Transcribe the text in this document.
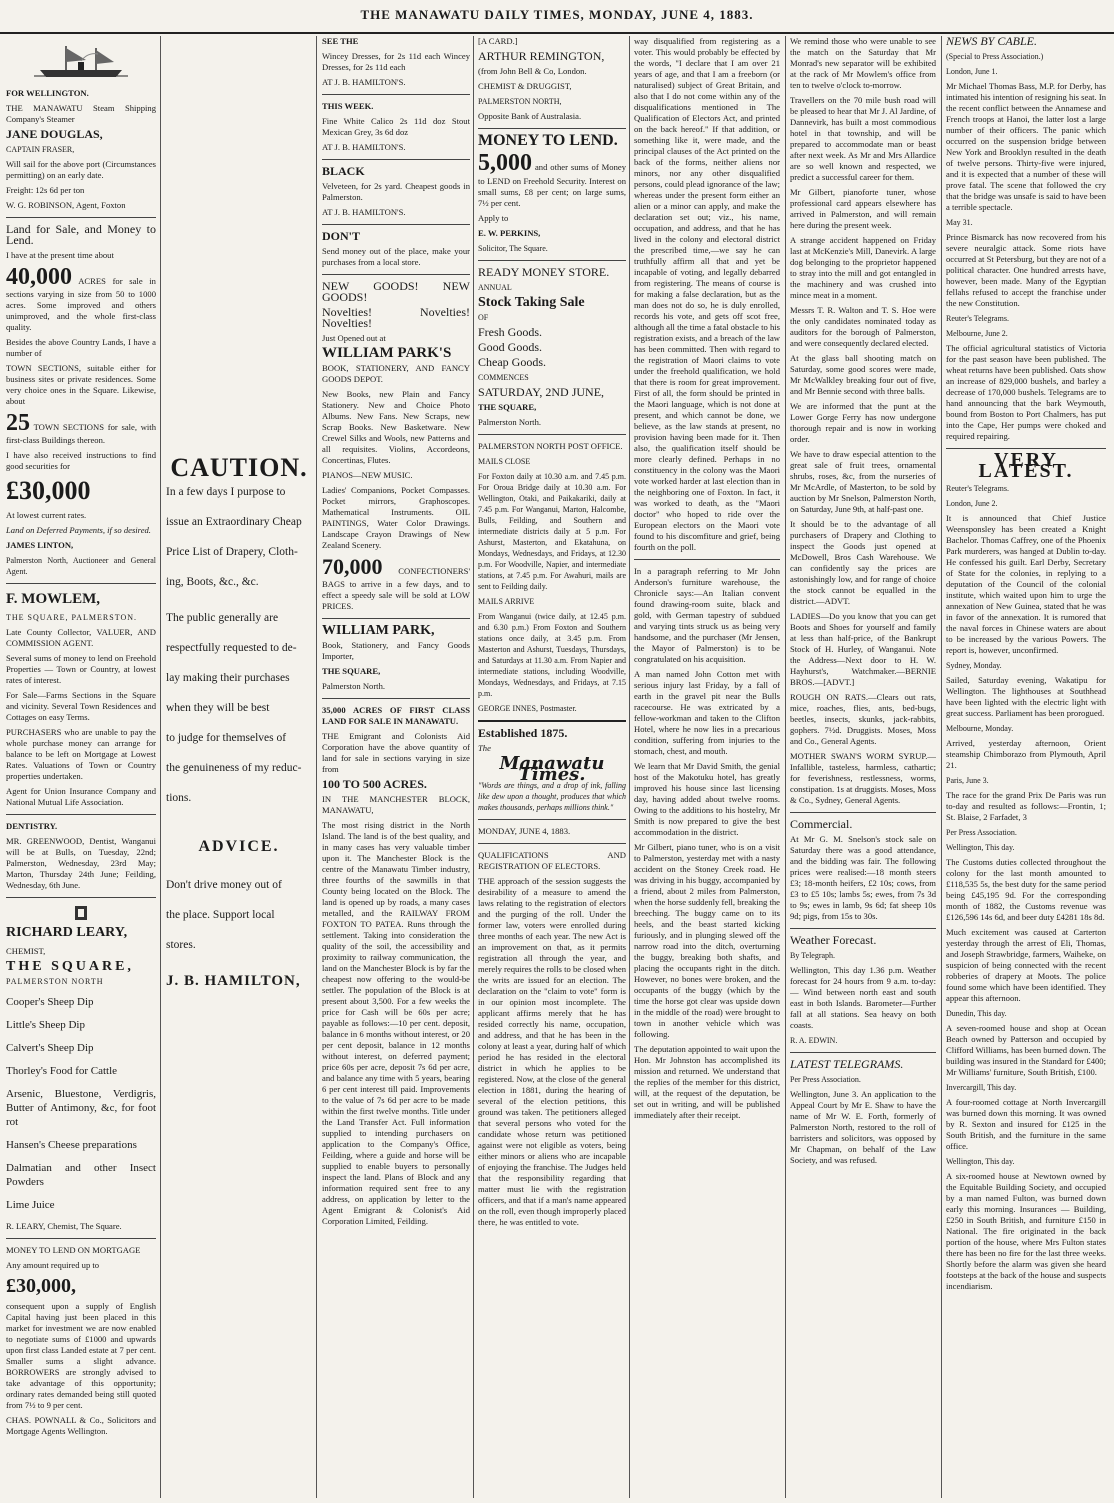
THE MANAWATU DAILY TIMES, MONDAY, JUNE 4, 1883.

FOR WELLINGTON.

THE MANAWATU Steam Shipping Company's Steamer

JANE DOUGLAS,

CAPTAIN FRASER,

Will sail for the above port (Circumstances permitting) on an early date.

Freight: 12s 6d per ton

W. G. ROBINSON, Agent, Foxton

Land for Sale, and Money to Lend.

I have at the present time about

40,000 ACRES for sale in sections varying in size from 50 to 1000 acres. Some improved and others unimproved, and the whole first-class quality.

Besides the above Country Lands, I have a number of

TOWN SECTIONS, suitable either for business sites or private residences. Some very choice ones in the Square. Likewise, about

25 TOWN SECTIONS for sale, with first-class Buildings thereon.

I have also received instructions to find good securities for

£30,000

At lowest current rates.

Land on Deferred Payments, if so desired.

JAMES LINTON,

Palmerston North, Auctioneer and General Agent.

F. MOWLEM,

THE SQUARE, PALMERSTON.

Late County Collector, VALUER, AND COMMISSION AGENT.

Several sums of money to lend on Freehold Properties — Town or Country, at lowest rates of interest.

For Sale—Farms Sections in the Square and vicinity. Several Town Residences and Cottages on easy Terms.

PURCHASERS who are unable to pay the whole purchase money can arrange for balance to be left on Mortgage at Lowest Rates. Valuations of Town or Country properties undertaken.

Agent for Union Insurance Company and National Mutual Life Association.

DENTISTRY.

MR. GREENWOOD, Dentist, Wanganui will be at Bulls, on Tuesday, 22nd; Palmerston, Wednesday, 23rd May; Marton, Thursday 24th June; Feilding, Wednesday, 6th June.

RICHARD LEARY,

CHEMIST,

THE SQUARE,

PALMERSTON NORTH

Cooper's Sheep Dip

Little's Sheep Dip

Calvert's Sheep Dip

Thorley's Food for Cattle

Arsenic, Bluestone, Verdigris, Butter of Antimony, &c, for foot rot

Hansen's Cheese preparations

Dalmatian and other Insect Powders

Lime Juice

R. LEARY, Chemist, The Square.

MONEY TO LEND ON MORTGAGE

Any amount required up to

£30,000,

consequent upon a supply of English Capital having just been placed in this market for investment we are now enabled to negotiate sums of £1000 and upwards upon first class Landed estate at 7 per cent. Smaller sums a slight advance. BORROWERS are strongly advised to take advantage of this opportunity; ordinary rates demanded being still quoted from 7½ to 9 per cent.

CHAS. POWNALL & Co., Solicitors and Mortgage Agents Wellington.

CAUTION.

In a few days I purpose to

issue an Extraordinary Cheap

Price List of Drapery, Cloth-

ing, Boots, &c., &c.

The public generally are

respectfully requested to de-

lay making their purchases

when they will be best

to judge for themselves of

the genuineness of my reduc-

tions.

ADVICE.

Don't drive money out of

the place. Support local

stores.

J. B. HAMILTON,

SEE THE

Wincey Dresses, for 2s 11d each Wincey Dresses, for 2s 11d each

AT J. B. HAMILTON'S.

THIS WEEK.

Fine White Calico 2s 11d doz Stout Mexican Grey, 3s 6d doz

AT J. B. HAMILTON'S.

BLACK

Velveteen, for 2s yard. Cheapest goods in Palmerston.

AT J. B. HAMILTON'S.

DON'T

Send money out of the place, make your purchases from a local store.

NEW GOODS! NEW GOODS!

Novelties! Novelties! Novelties!

Just Opened out at

WILLIAM PARK'S

BOOK, STATIONERY, AND FANCY GOODS DEPOT.

New Books, new Plain and Fancy Stationery. New and Choice Photo Albums. New Fans. New Scraps, new Scrap Books. New Basketware. New Crewel Silks and Wools, new Patterns and all requisites. Violins, Accordeons, Concertinas, Flutes.

PIANOS—NEW MUSIC.

Ladies' Companions, Pocket Compasses. Pocket mirrors, Graphoscopes. Mathematical Instruments. OIL PAINTINGS, Water Color Drawings. Landscape Crayon Drawings of New Zealand Scenery.

70,000 CONFECTIONERS' BAGS to arrive in a few days, and to effect a speedy sale will be sold at LOW PRICES.

WILLIAM PARK,

Book, Stationery, and Fancy Goods Importer,

THE SQUARE,

Palmerston North.

35,000 ACRES OF FIRST CLASS LAND FOR SALE IN MANAWATU.

THE Emigrant and Colonists Aid Corporation have the above quantity of land for sale in sections varying in size from

100 TO 500 ACRES.

IN THE MANCHESTER BLOCK, MANAWATU,

The most rising district in the North Island. The land is of the best quality, and in many cases has very valuable timber upon it. The Manchester Block is the centre of the Manawatu Timber industry, three fourths of the sawmills in that County being located on the Block. The land is opened up by roads, a many cases metalled, and the RAILWAY FROM FOXTON TO PATEA. Runs through the settlement. Taking into consideration the quality of the soil, the accessibility and proximity to railway communication, the land on the Manchester Block is by far the cheapest now offering to the would-be settler. The population of the Block is at present about 3,500. For a few weeks the price for Cash will be 60s per acre; payable as follows:—10 per cent. deposit, balance in 6 months without interest, or 20 per cent deposit, balance in 12 months without interest, on deferred payment; price 60s per acre, deposit 7s 6d per acre, and balance any time with 5 years, bearing 6 per cent interest till paid. Improvements to the value of 7s 6d per acre to be made within the first twelve months. Title under the Land Transfer Act. Full information supplied to intending purchasers on application to the Company's Office, Feilding, where a guide and horse will be supplied to enable buyers to personally inspect the land. Plans of Block and any information required sent free to any address, on application by letter to the Agent Emigrant & Colonist's Aid Corporation Limited, Feilding.

[A CARD.]

ARTHUR REMINGTON,

(from John Bell & Co, London.

CHEMIST & DRUGGIST,

PALMERSTON NORTH,

Opposite Bank of Australasia.

MONEY TO LEND.

5,000 and other sums of Money to LEND on Freehold Security. Interest on small sums, £8 per cent; on large sums, 7½ per cent.

Apply to

E. W. PERKINS,

Solicitor, The Square.

READY MONEY STORE.

ANNUAL

Stock Taking Sale

OF

Fresh Goods.

Good Goods.

Cheap Goods.

COMMENCES

SATURDAY, 2ND JUNE,

THE SQUARE,

Palmerston North.

PALMERSTON NORTH POST OFFICE.

MAILS CLOSE

For Foxton daily at 10.30 a.m. and 7.45 p.m. For Oroua Bridge daily at 10.30 a.m. For Wellington, Otaki, and Paikakariki, daily at 7.45 p.m. For Wanganui, Marton, Halcombe, Bulls, Feilding, and Southern and intermediate districts daily at 5 p.m. For Ashurst, Masterton, and Ekatahuna, on Mondays, Wednesdays, and Fridays, at 12.30 p.m. For Woodville, Napier, and intermediate stations, at 7.45 p.m. For Awahuri, mails are sent to Feilding daily.

MAILS ARRIVE

From Wanganui (twice daily, at 12.45 p.m. and 6.30 p.m.) From Foxton and Southern stations once daily, at 3.45 p.m. From Masterton and Ashurst, Tuesdays, Thursdays, and Saturdays at 11.30 a.m. From Napier and intermediate stations, including Woodville, Mondays, Wednesdays, and Fridays, at 7.15 p.m.

GEORGE INNES, Postmaster.

Established 1875.

The

Manawatu Times.

"Words are things, and a drop of ink, falling like dew upon a thought, produces that which makes thousands, perhaps millions think."

MONDAY, JUNE 4, 1883.

QUALIFICATIONS AND REGISTRATION OF ELECTORS.

THE approach of the session suggests the desirability of a measure to amend the laws relating to the registration of electors and the purging of the roll. Under the former law, voters were enrolled during three months of each year. The new Act is an improvement on that, as it permits registration all through the year, and merely requires the rolls to be closed when the writs are issued for an election. The declaration on the "claim to vote" form is in our opinion most incomplete. The applicant affirms merely that he has resided correctly his name, occupation, and address, and that he has been in the colony at least a year, during half of which period he has resided in the electoral district in which he applies to be registered. Now, at the close of the general election in 1881, during the hearing of several of the election petitions, this ground was taken. The petitioners alleged that several persons who voted for the candidate whose return was petitioned against were not eligible as voters, being either minors or aliens who are incapable of enjoying the franchise. The Judges held that the responsibility regarding that matter must lie with the registration officers, and that if a man's name appeared on the roll, even though improperly placed there, he was entitled to vote.

way disqualified from registering as a voter. This would probably be effected by the words, "I declare that I am over 21 years of age, and that I am a freeborn (or naturalised) subject of Great Britain, and also that I do not come within any of the disqualifications mentioned in The Qualification of Electors Act, and printed on the back hereof." If that addition, or something like it, were made, and the principal clauses of the Act printed on the back of the forms, neither aliens nor minors, nor any other disqualified persons, could plead ignorance of the law; whereas under the present form either an alien or a minor can apply, and make the declaration set out; viz., his name, occupation, and address, and that he has lived in the colony and electoral district the prescribed time,—we say he can truthfully affirm all that and yet be incapable of voting, and legally debarred from registering. The means of course is for making a false declaration, but as the man does not do so, he is duly enrolled, records his vote, and gets off scot free, although all the time a fatal obstacle to his registration exists, and a breach of the law has been committed. Then with regard to the registration of Maori claims to vote under the freehold qualification, we hold that there is room for great improvement. First of all, the form should be printed in the Maori language, which is not done at present, and which cannot be done, we believe, as the law stands at present, no provision having been made for it. Then also, the qualification itself should be more clearly defined. Perhaps in no constituency in the colony was the Maori vote worked harder at last election than in the neighboring one of Foxton. In fact, it was worked to death, as the "Maori doctor" who hoped to ride over the European electors on the Maori vote found to his discomfiture and grief, being fourth on the poll.

In a paragraph referring to Mr John Anderson's furniture warehouse, the Chronicle says:—An Italian convent found drawing-room suite, black and gold, with German tapestry of subdued and varying tints struck us as being very handsome, and the purchaser (Mr Jensen, the Mayor of Palmerston) is to be congratulated on his acquisition.

A man named John Cotton met with serious injury last Friday, by a fall of earth in the gravel pit near the Bulls racecourse. He was extricated by a fellow-workman and taken to the Clifton Hotel, where he now lies in a precarious condition, suffering from injuries to the stomach, chest, and mouth.

We learn that Mr David Smith, the genial host of the Makotuku hotel, has greatly improved his house since last licensing day, having added about twelve rooms. Owing to the additions to his hostelry, Mr Smith is now prepared to give the best accommodation in the district.

Mr Gilbert, piano tuner, who is on a visit to Palmerston, yesterday met with a nasty accident on the Stoney Creek road. He was driving in his buggy, accompanied by a friend, about 2 miles from Palmerston, when the horse suddenly fell, breaking the breeching. The buggy came on to its heels, and the beast started kicking furiously, and in plunging slewed off the narrow road into the ditch, overturning the buggy, breaking both shafts, and placing the occupants right in the ditch. However, no bones were broken, and the occupants of the buggy (which by the time the horse got clear was upside down in the middle of the road) were brought to town in another vehicle which was following.

The deputation appointed to wait upon the Hon. Mr Johnston has accomplished its mission and returned. We understand that the replies of the member for this district, will, at the request of the deputation, be set out in writing, and will be published immediately after their receipt.

We remind those who were unable to see the match on the Saturday that Mr Monrad's new separator will be exhibited at the rack of Mr Mowlem's office from ten to twelve o'clock to-morrow.

Travellers on the 70 mile bush road will be pleased to hear that Mr J. Al Jardine, of Dannevirk, has built a most commodious hotel in that township, and will be prepared to accommodate man or beast after next week. As Mr and Mrs Allardice are so well known and respected, we predict a successful career for them.

Mr Gilbert, pianoforte tuner, whose professional card appears elsewhere has arrived in Palmerston, and will remain here during the present week.

A strange accident happened on Friday last at McKenzie's Mill, Danevirk. A large dog belonging to the proprietor happened to stray into the mill and got entangled in the machinery and was crushed into mince meat in a moment.

Messrs T. R. Walton and T. S. Hoe were the only candidates nominated today as auditors for the borough of Palmerston, and were consequently declared elected.

At the glass ball shooting match on Saturday, some good scores were made, Mr McWalkley breaking four out of five, and Mr Bennie second with three balls.

We are informed that the punt at the Lower Gorge Ferry has now undergone thorough repair and is now in working order.

We have to draw especial attention to the great sale of fruit trees, ornamental shrubs, roses, &c, from the nurseries of Mr McArdle, of Masterton, to be sold by auction by Mr Snelson, Palmerston North, on Saturday, June 9th, at half-past one.

It should be to the advantage of all purchasers of Drapery and Clothing to inspect the Goods just opened at McDowell, Bros Cash Warehouse. We can confidently say the prices are astonishingly low, and for range of choice the stock cannot be equalled in the district.—ADVT.

LADIES—Do you know that you can get Boots and Shoes for yourself and family at less than half-price, of the Bankrupt Stock of H. Hurley, of Wanganui. Note the Address—Next door to H. W. Hayhurst's, Watchmaker.—BERNIE BROS.—[ADVT.]

ROUGH ON RATS.—Clears out rats, mice, roaches, flies, ants, bed-bugs, beetles, insects, skunks, jack-rabbits, gophers. 7½d. Druggists. Moses, Moss and Co., General Agents.

MOTHER SWAN'S WORM SYRUP.—Infallible, tasteless, harmless, cathartic; for feverishness, restlessness, worms, constipation. 1s at druggists. Moses, Moss & Co., Sydney, General Agents.

Commercial.

At Mr G. M. Snelson's stock sale on Saturday there was a good attendance, and the bidding was fair. The following prices were realised:—18 month steers £3; 18-month heifers, £2 10s; cows, from £3 to £5 10s; lambs 5s; ewes, from 7s 3d to 9s; ewes in lamb, 9s 6d; fat sheep 10s 9d; pigs, from 15s to 30s.

Weather Forecast.

By Telegraph.

Wellington, This day 1.36 p.m. Weather forecast for 24 hours from 9 a.m. to-day:— Wind between north east and south east in both Islands. Barometer—Further fall at all stations. Sea heavy on both coasts.

R. A. EDWIN.

LATEST TELEGRAMS.

Per Press Association.

Wellington, June 3. An application to the Appeal Court by Mr E. Shaw to have the name of Mr W. E. Forth, formerly of Palmerston North, restored to the roll of barristers and solicitors, was opposed by Mr Chapman, on behalf of the Law Society, and was refused.

NEWS BY CABLE.

(Special to Press Association.)

London, June 1.

Mr Michael Thomas Bass, M.P. for Derby, has intimated his intention of resigning his seat. In the recent conflict between the Annamese and French troops at Hanoi, the latter lost a large number of their officers. The panic which occurred on the suspension bridge between New York and Brooklyn resulted in the death of twelve persons. Thirty-five were injured, and it is expected that a number of these will prove fatal. The scene that followed the cry that the bridge was unsafe is said to have been a terrible spectacle.

May 31.

Prince Bismarck has now recovered from his severe neuralgic attack. Some riots have occurred at St Petersburg, but they are not of a political character. One hundred arrests have, however, been made. Many of the Egyptian fellahs refused to accept the franchise under the new Constitution.

Reuter's Telegrams.

Melbourne, June 2.

The official agricultural statistics of Victoria for the past season have been published. The wheat returns have been published. Oats show an increase of 829,000 bushels, and barley a decrease of 170,000 bushels. Telegrams are to hand announcing that the bark Weymouth, bound from Boston to Port Chalmers, has put into the Cape, Her pumps were choked and required repairing.

VERY LATEST.

Reuter's Telegrams.

London, June 2.

It is announced that Chief Justice Weensponsley has been created a Knight Bachelor. Thomas Caffrey, one of the Phoenix Park murderers, was hanged at Dublin to-day. He confessed his guilt. Earl Derby, Secretary of State for the colonies, in replying to a deputation of the Council of the colonial institute, which waited upon him to urge the annexation of New Guinea, stated that he was in favor of the annexation. It is rumored that the naval forces in Chinese waters are about to be increased by the various Powers. The report is, however, unconfirmed.

Sydney, Monday.

Sailed, Saturday evening, Wakatipu for Wellington. The lighthouses at Southhead have been lighted with the electric light with great success. Parliament has been prorogued.

Melbourne, Monday.

Arrived, yesterday afternoon, Orient steamship Chimborazo from Plymouth, April 21.

Paris, June 3.

The race for the grand Prix De Paris was run to-day and resulted as follows:—Frontin, 1; St. Blaise, 2 Farfadet, 3

Per Press Association.

Wellington, This day.

The Customs duties collected throughout the colony for the last month amounted to £118,535 5s, the best duty for the same period being £45,195 9d. For the corresponding month of 1882, the Customs revenue was £126,596 14s 6d, and beer duty £4281 18s 8d.

Much excitement was caused at Carterton yesterday through the arrest of Eli, Thomas, and Joseph Strawbridge, farmers, Waiheke, on suspicion of being connected with the recent robberies of drapery at Moots. The police found some which have been identified. They appear this afternoon.

Dunedin, This day.

A seven-roomed house and shop at Ocean Beach owned by Patterson and occupied by Clifford Williams, has been burned down. The building was insured in the Standard for £400; Mr Williams' furniture, South British, £100.

Invercargill, This day.

A four-roomed cottage at North Invercargill was burned down this morning. It was owned by R. Sexton and insured for £125 in the South British, and the furniture in the same office.

Wellington, This day.

A six-roomed house at Newtown owned by the Equitable Building Society, and occupied by a man named Fulton, was burned down early this morning. Insurances — Building, £250 in South British, and furniture £150 in National. The fire originated in the back portion of the house, where Mrs Fulton states there has been no fire for the last three weeks. Shortly before the alarm was given she heard footsteps at the back of the house and suspects incendiarism.
